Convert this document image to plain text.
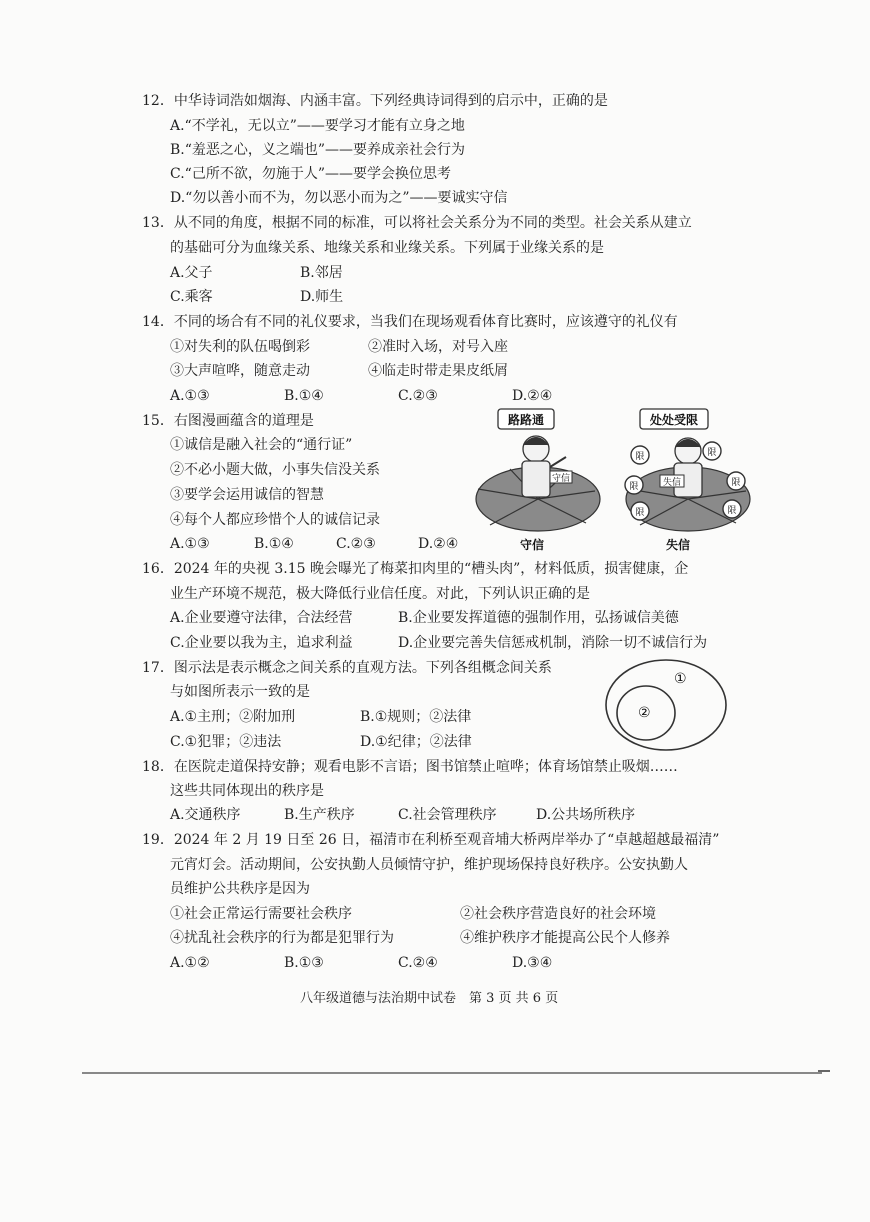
12．中华诗词浩如烟海、内涵丰富。下列经典诗词得到的启示中，正确的是
A.“不学礼，无以立”——要学习才能有立身之地
B.“羞恶之心，义之端也”——要养成亲社会行为
C.“己所不欲，勿施于人”——要学会换位思考
D.“勿以善小而不为，勿以恶小而为之”——要诚实守信
13．从不同的角度，根据不同的标准，可以将社会关系分为不同的类型。社会关系从建立
的基础可分为血缘关系、地缘关系和业缘关系。下列属于业缘关系的是
A.父子	B.邻居
C.乘客	D.师生
14．不同的场合有不同的礼仪要求，当我们在现场观看体育比赛时，应该遵守的礼仪有
①对失利的队伍喝倒彩	②准时入场，对号入座
③大声喧哗，随意走动	④临走时带走果皮纸屑
A.①③	B.①④	C.②③	D.②④
15．右图漫画蕴含的道理是
①诚信是融入社会的“通行证”
②不必小题大做，小事失信没关系
③要学会运用诚信的智慧
④每个人都应珍惜个人的诚信记录
A.①③	B.①④	C.②③	D.②④
路路通
守信
处处受限
失信
限
限
限
限
限
限
守信	失信
16．2024 年的央视 3.15 晚会曝光了梅菜扣肉里的“槽头肉”，材料低质，损害健康，企
业生产环境不规范，极大降低行业信任度。对此，下列认识正确的是
A.企业要遵守法律，合法经营	B.企业要发挥道德的强制作用，弘扬诚信美德
C.企业要以我为主，追求利益	D.企业要完善失信惩戒机制，消除一切不诚信行为
17．图示法是表示概念之间关系的直观方法。下列各组概念间关系
与如图所表示一致的是
A.①主刑；②附加刑	B.①规则；②法律
C.①犯罪；②违法	D.①纪律；②法律
①
②
18．在医院走道保持安静；观看电影不言语；图书馆禁止喧哗；体育场馆禁止吸烟……
这些共同体现出的秩序是
A.交通秩序	B.生产秩序	C.社会管理秩序	D.公共场所秩序
19．2024 年 2 月 19 日至 26 日，福清市在利桥至观音埔大桥两岸举办了“卓越超越最福清”
元宵灯会。活动期间，公安执勤人员倾情守护，维护现场保持良好秩序。公安执勤人
员维护公共秩序是因为
①社会正常运行需要社会秩序	②社会秩序营造良好的社会环境
④扰乱社会秩序的行为都是犯罪行为	④维护秩序才能提高公民个人修养
A.①②	B.①③	C.②④	D.③④
八年级道德与法治期中试卷　第 3 页 共 6 页
